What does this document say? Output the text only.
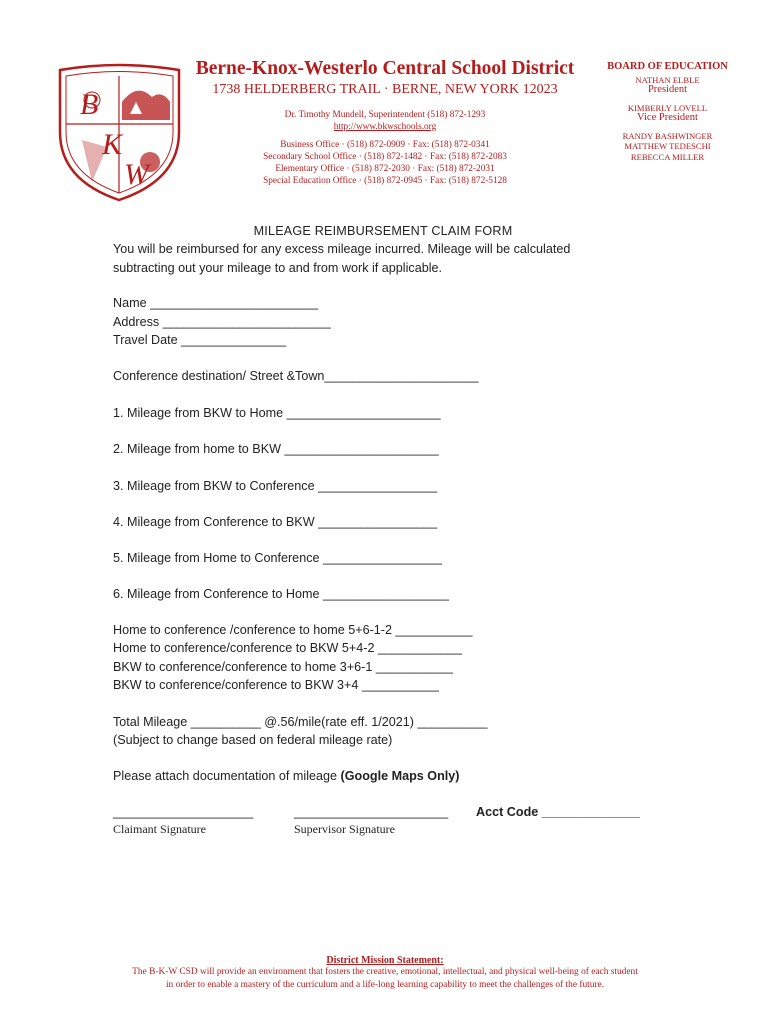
B
K
W
Berne-Knox-Westerlo Central School District
1738 HELDERBERG TRAIL · BERNE, NEW YORK 12023
Dr. Timothy Mundell, Superintendent (518) 872-1293
http://www.bkwschools.org
Business Office · (518) 872-0909 · Fax: (518) 872-0341
Secondary School Office · (518) 872-1482 · Fax: (518) 872-2083
Elementary Office · (518) 872-2030 · Fax: (518) 872-2031
Special Education Office · (518) 872-0945 · Fax: (518) 872-5128
BOARD OF EDUCATION
NATHAN ELBLE
President
KIMBERLY LOVELL
Vice President
RANDY BASHWINGER
MATTHEW TEDESCHI
REBECCA MILLER
MILEAGE REIMBURSEMENT CLAIM FORM
You will be reimbursed for any excess mileage incurred. Mileage will be calculated
subtracting out your mileage to and from work if applicable.
Name ________________________
Address ________________________
Travel Date _______________
Conference destination/ Street &Town______________________
1. Mileage from BKW to Home ______________________
2. Mileage from home to BKW ______________________
3. Mileage from BKW to Conference _________________
4. Mileage from Conference to BKW _________________
5. Mileage from Home to Conference _________________
6. Mileage from Conference to Home __________________
Home to conference /conference to home 5+6-1-2 ___________
Home to conference/conference to BKW 5+4-2 ____________
BKW to conference/conference to home 3+6-1 ___________
BKW to conference/conference to BKW 3+4 ___________
Total Mileage __________ @.56/mile(rate eff. 1/2021) __________
(Subject to change based on federal mileage rate)
Please attach documentation of mileage (Google Maps Only)
____________________	______________________ Acct Code ______________
Claimant Signature	Supervisor Signature
District Mission Statement:
The B-K-W CSD will provide an environment that fosters the creative, emotional, intellectual, and physical well-being of each student
in order to enable a mastery of the curriculum and a life-long learning capability to meet the challenges of the future.
